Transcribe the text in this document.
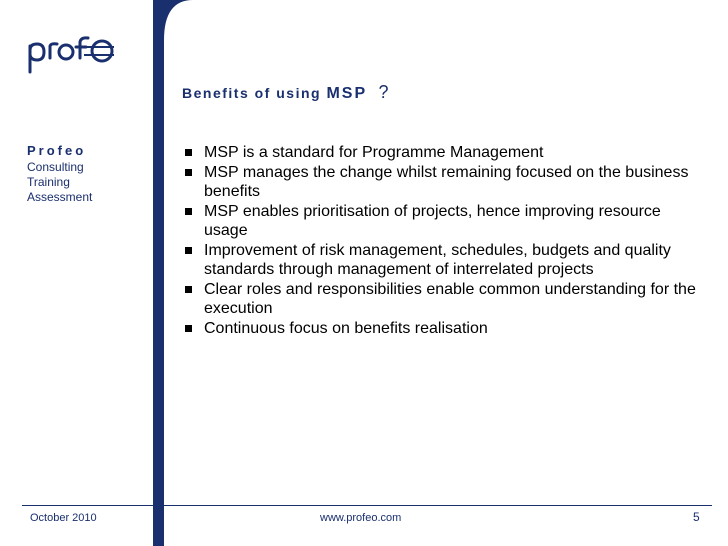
Profeo
Consulting
Training
Assessment
Benefits of using MSP ?
MSP is a standard for Programme Management
MSP manages the change whilst remaining focused on the business benefits
MSP enables prioritisation of projects, hence improving resource usage
Improvement of risk management, schedules, budgets and quality standards through management of interrelated projects
Clear roles and responsibilities enable common understanding for the execution
Continuous focus on benefits realisation
October 2010	www.profeo.com	5
